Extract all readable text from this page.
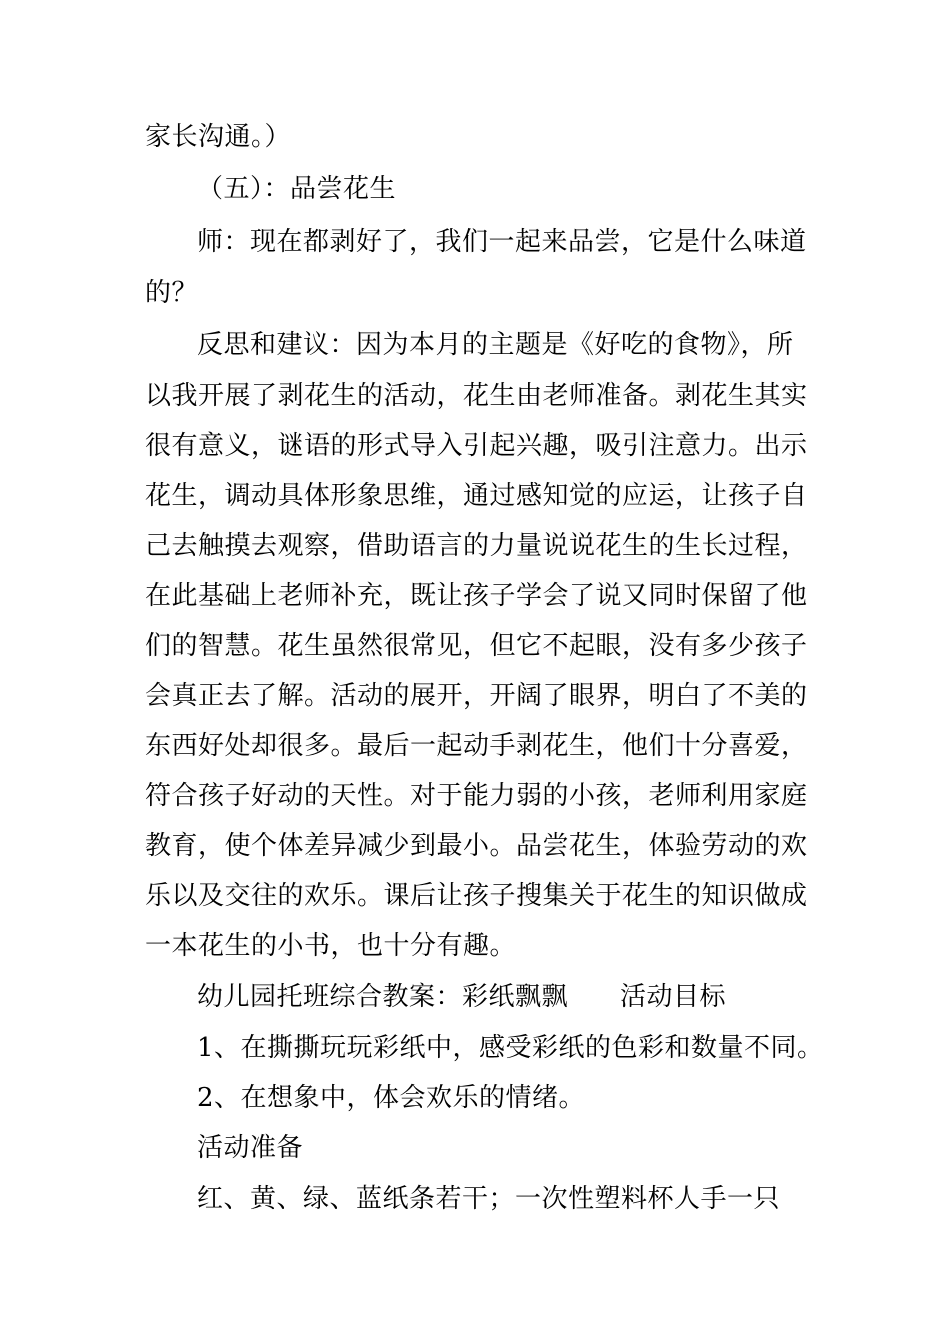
家长沟通。）
（五）：品尝花生
师：现在都剥好了，我们一起来品尝，它是什么味道
的？
反思和建议：因为本月的主题是《好吃的食物》，所
以我开展了剥花生的活动，花生由老师准备。剥花生其实
很有意义，谜语的形式导入引起兴趣，吸引注意力。出示
花生，调动具体形象思维，通过感知觉的应运，让孩子自
己去触摸去观察，借助语言的力量说说花生的生长过程，
在此基础上老师补充，既让孩子学会了说又同时保留了他
们的智慧。花生虽然很常见，但它不起眼，没有多少孩子
会真正去了解。活动的展开，开阔了眼界，明白了不美的
东西好处却很多。最后一起动手剥花生，他们十分喜爱，
符合孩子好动的天性。对于能力弱的小孩，老师利用家庭
教育，使个体差异减少到最小。品尝花生，体验劳动的欢
乐以及交往的欢乐。课后让孩子搜集关于花生的知识做成
一本花生的小书，也十分有趣。
幼儿园托班综合教案：彩纸飘飘 活动目标
1、在撕撕玩玩彩纸中，感受彩纸的色彩和数量不同。
2、在想象中，体会欢乐的情绪。
活动准备
红、黄、绿、蓝纸条若干；一次性塑料杯人手一只
